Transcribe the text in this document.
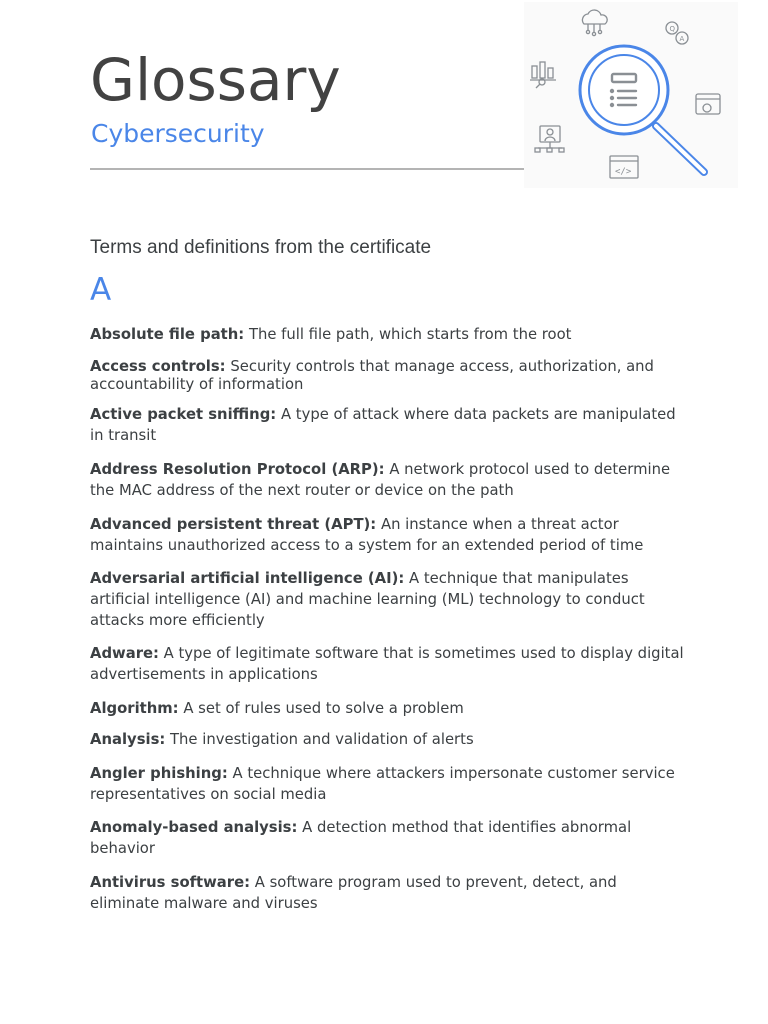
Glossary
Cybersecurity
Q
A
</>
Terms and definitions from the certificate
A
Absolute file path: The full file path, which starts from the root
Access controls: Security controls that manage access, authorization, and accountability of information
Active packet sniffing: A type of attack where data packets are manipulated in transit
Address Resolution Protocol (ARP): A network protocol used to determine the MAC address of the next router or device on the path
Advanced persistent threat (APT): An instance when a threat actor maintains unauthorized access to a system for an extended period of time
Adversarial artificial intelligence (AI): A technique that manipulates artificial intelligence (AI) and machine learning (ML) technology to conduct attacks more efficiently
Adware: A type of legitimate software that is sometimes used to display digital advertisements in applications
Algorithm: A set of rules used to solve a problem
Analysis: The investigation and validation of alerts
Angler phishing: A technique where attackers impersonate customer service representatives on social media
Anomaly-based analysis: A detection method that identifies abnormal behavior
Antivirus software: A software program used to prevent, detect, and eliminate malware and viruses
